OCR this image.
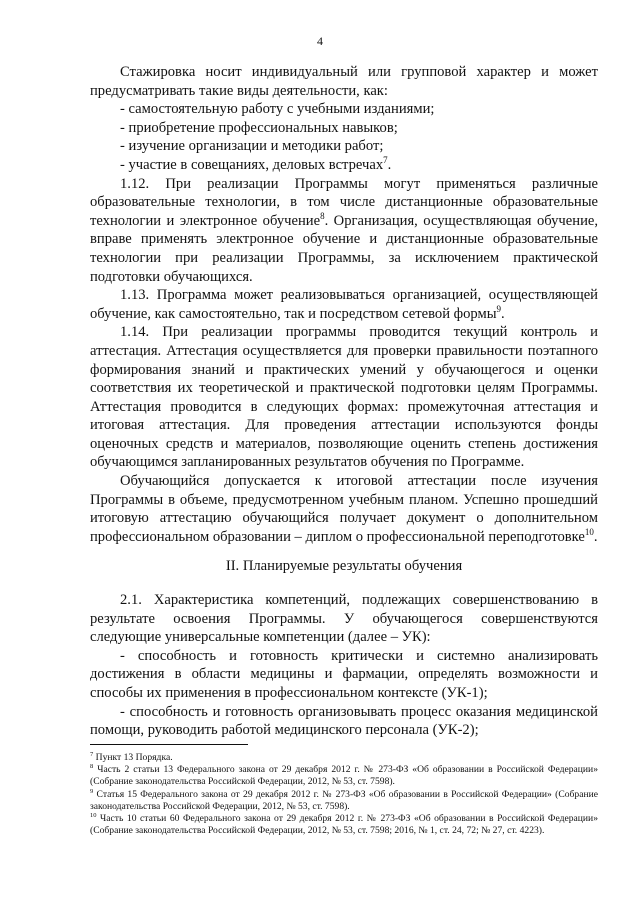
4

Стажировка носит индивидуальный или групповой характер и может предусматривать такие виды деятельности, как:

- самостоятельную работу с учебными изданиями;

- приобретение профессиональных навыков;

- изучение организации и методики работ;

- участие в совещаниях, деловых встречах$^7$.

1.12. При реализации Программы могут применяться различные образовательные технологии, в том числе дистанционные образовательные технологии и электронное обучение$^8$. Организация, осуществляющая обучение, вправе применять электронное обучение и дистанционные образовательные технологии при реализации Программы, за исключением практической подготовки обучающихся.

1.13. Программа может реализовываться организацией, осуществляющей обучение, как самостоятельно, так и посредством сетевой формы$^9$.

1.14. При реализации программы проводится текущий контроль и аттестация. Аттестация осуществляется для проверки правильности поэтапного формирования знаний и практических умений у обучающегося и оценки соответствия их теоретической и практической подготовки целям Программы. Аттестация проводится в следующих формах: промежуточная аттестация и итоговая аттестация. Для проведения аттестации используются фонды оценочных средств и материалов, позволяющие оценить степень достижения обучающимся запланированных результатов обучения по Программе.

Обучающийся допускается к итоговой аттестации после изучения Программы в объеме, предусмотренном учебным планом. Успешно прошедший итоговую аттестацию обучающийся получает документ о дополнительном профессиональном образовании – диплом о профессиональной переподготовке$^{10}$.

II. Планируемые результаты обучения

2.1. Характеристика компетенций, подлежащих совершенствованию в результате освоения Программы. У обучающегося совершенствуются следующие универсальные компетенции (далее – УК):

- способность и готовность критически и системно анализировать достижения в области медицины и фармации, определять возможности и способы их применения в профессиональном контексте (УК-1);

- способность и готовность организовывать процесс оказания медицинской помощи, руководить работой медицинского персонала (УК-2);

$^7$ Пункт 13 Порядка.

$^8$ Часть 2 статьи 13 Федерального закона от 29 декабря 2012 г. № 273-ФЗ «Об образовании в Российской Федерации» (Собрание законодательства Российской Федерации, 2012, № 53, ст. 7598).

$^9$ Статья 15 Федерального закона от 29 декабря 2012 г. № 273-ФЗ «Об образовании в Российской Федерации» (Собрание законодательства Российской Федерации, 2012, № 53, ст. 7598).

$^{10}$ Часть 10 статьи 60 Федерального закона от 29 декабря 2012 г. № 273-ФЗ «Об образовании в Российской Федерации» (Собрание законодательства Российской Федерации, 2012, № 53, ст. 7598; 2016, № 1, ст. 24, 72; № 27, ст. 4223).
